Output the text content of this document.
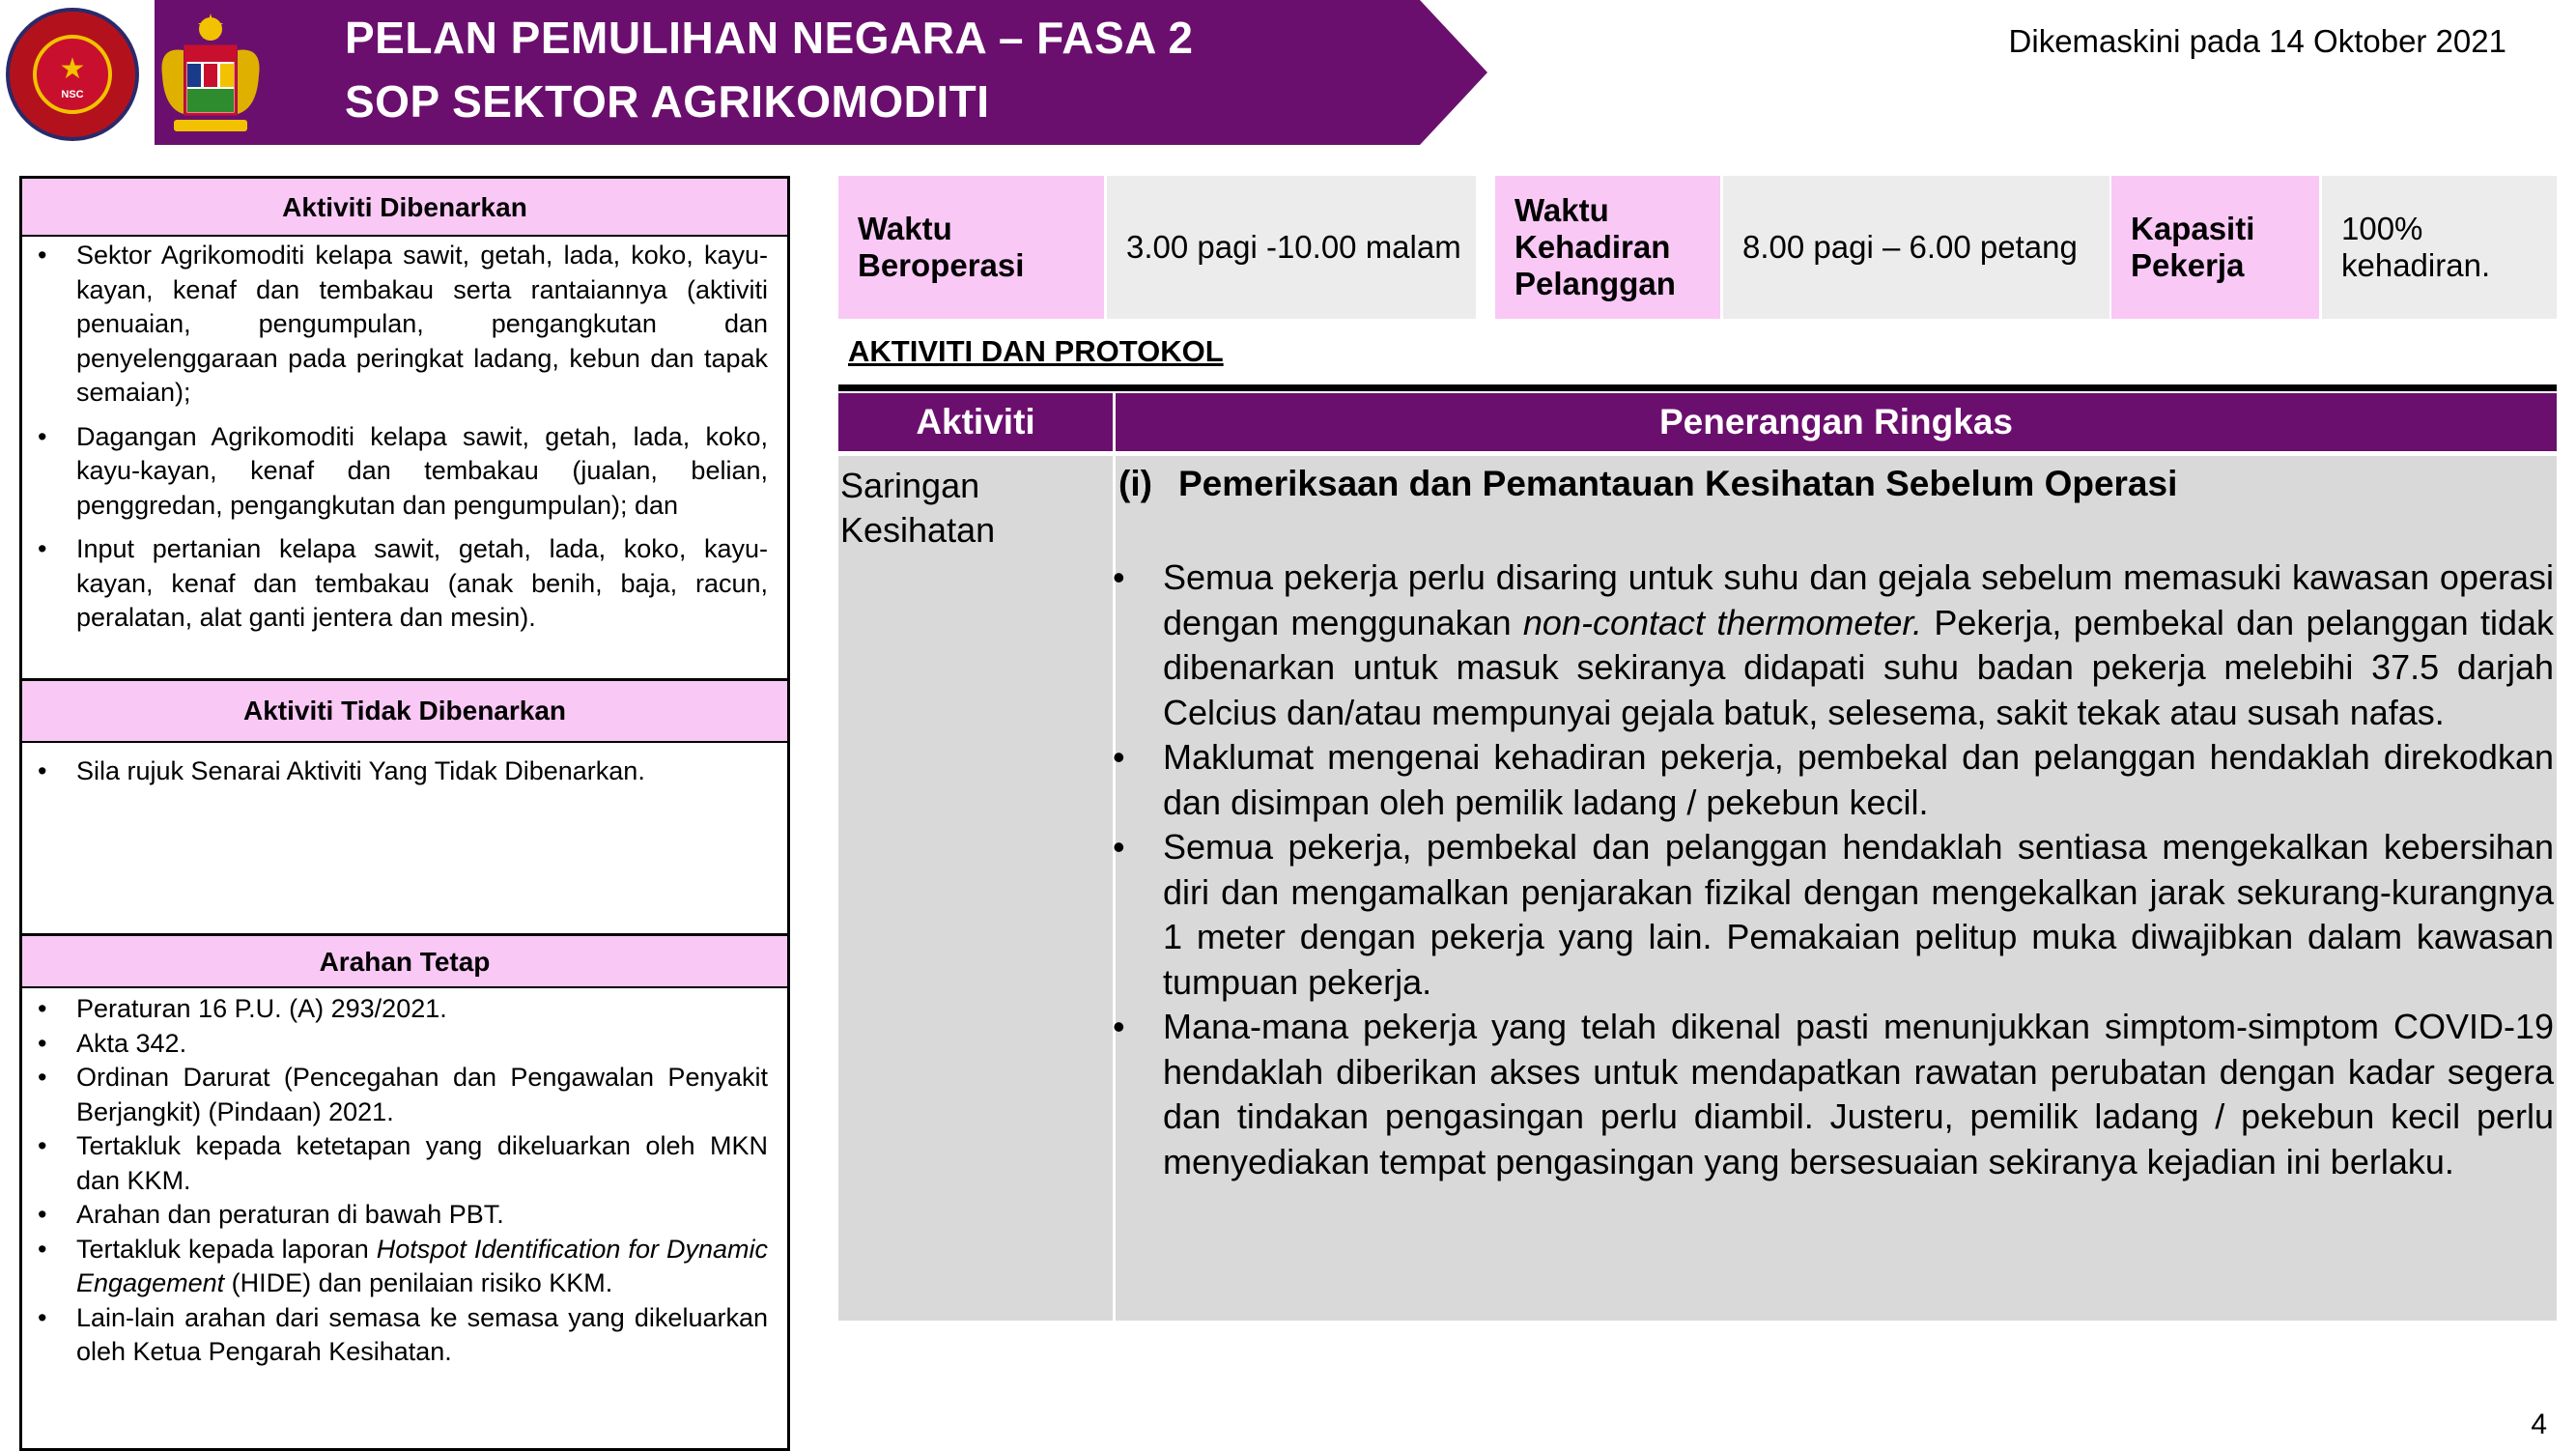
★
NSC
PELAN PEMULIHAN NEGARA – FASA 2
SOP SEKTOR AGRIKOMODITI
Dikemaskini pada 14 Oktober 2021
Aktiviti Dibenarkan
• Sektor Agrikomoditi kelapa sawit, getah, lada, koko, kayu-kayan, kenaf dan tembakau serta rantaiannya (aktiviti penuaian, pengumpulan, pengangkutan dan penyelenggaraan pada peringkat ladang, kebun dan tapak semaian);
• Dagangan Agrikomoditi kelapa sawit, getah, lada, koko, kayu-kayan, kenaf dan tembakau (jualan, belian, penggredan, pengangkutan dan pengumpulan); dan
• Input pertanian kelapa sawit, getah, lada, koko, kayu-kayan, kenaf dan tembakau (anak benih, baja, racun, peralatan, alat ganti jentera dan mesin).
Aktiviti Tidak Dibenarkan
• Sila rujuk Senarai Aktiviti Yang Tidak Dibenarkan.
Arahan Tetap
• Peraturan 16 P.U. (A) 293/2021.
• Akta 342.
• Ordinan Darurat (Pencegahan dan Pengawalan Penyakit Berjangkit) (Pindaan) 2021.
• Tertakluk kepada ketetapan yang dikeluarkan oleh MKN dan KKM.
• Arahan dan peraturan di bawah PBT.
• Tertakluk kepada laporan Hotspot Identification for Dynamic Engagement (HIDE) dan penilaian risiko KKM.
• Lain-lain arahan dari semasa ke semasa yang dikeluarkan oleh Ketua Pengarah Kesihatan.
Waktu Beroperasi
3.00 pagi -10.00 malam
Waktu Kehadiran Pelanggan
8.00 pagi – 6.00 petang
Kapasiti Pekerja
100% kehadiran.
AKTIVITI DAN PROTOKOL
Aktiviti	Penerangan Ringkas
Saringan Kesihatan
(i) Pemeriksaan dan Pemantauan Kesihatan Sebelum Operasi
• Semua pekerja perlu disaring untuk suhu dan gejala sebelum memasuki kawasan operasi dengan menggunakan non-contact thermometer. Pekerja, pembekal dan pelanggan tidak dibenarkan untuk masuk sekiranya didapati suhu badan pekerja melebihi 37.5 darjah Celcius dan/atau mempunyai gejala batuk, selesema, sakit tekak atau susah nafas.
• Maklumat mengenai kehadiran pekerja, pembekal dan pelanggan hendaklah direkodkan dan disimpan oleh pemilik ladang / pekebun kecil.
• Semua pekerja, pembekal dan pelanggan hendaklah sentiasa mengekalkan kebersihan diri dan mengamalkan penjarakan fizikal dengan mengekalkan jarak sekurang-kurangnya 1 meter dengan pekerja yang lain. Pemakaian pelitup muka diwajibkan dalam kawasan tumpuan pekerja.
• Mana-mana pekerja yang telah dikenal pasti menunjukkan simptom-simptom COVID-19 hendaklah diberikan akses untuk mendapatkan rawatan perubatan dengan kadar segera dan tindakan pengasingan perlu diambil. Justeru, pemilik ladang / pekebun kecil perlu menyediakan tempat pengasingan yang bersesuaian sekiranya kejadian ini berlaku.
4
